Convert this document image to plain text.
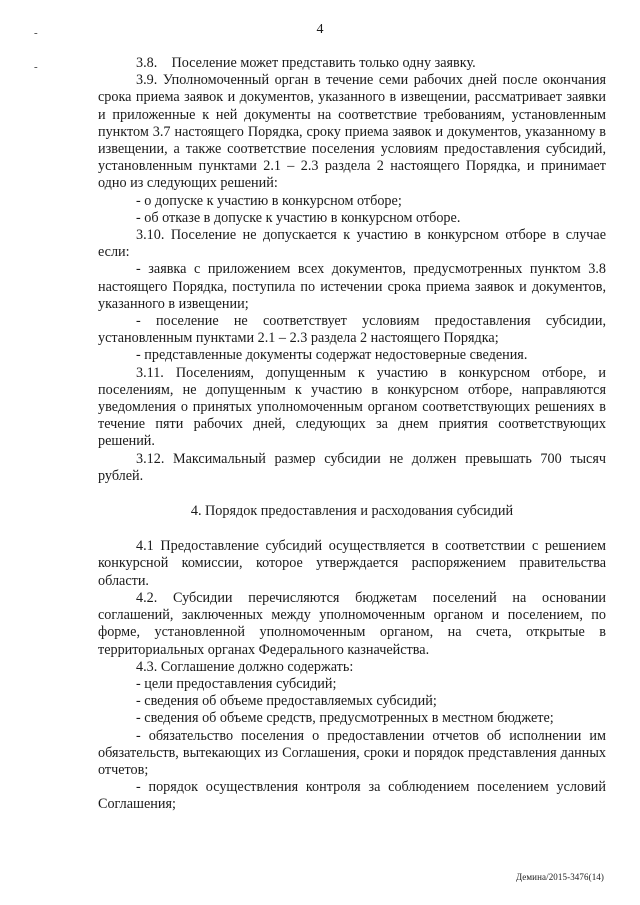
4
-
-	3.8.    Поселение может представить только одну заявку.

3.9. Уполномоченный орган в течение семи рабочих дней после окончания срока приема заявок и документов, указанного в извещении, рассматривает заявки и приложенные к ней документы на соответствие требованиям, установленным пунктом 3.7 настоящего Порядка, сроку приема заявок и документов, указанному в извещении, а также соответствие поселения условиям предоставления субсидий, установленным пунктами 2.1 – 2.3 раздела 2 настоящего Порядка, и принимает одно из следующих решений:

- о допуске к участию в конкурсном отборе;

- об отказе в допуске к участию в конкурсном отборе.

3.10. Поселение не допускается к участию в конкурсном отборе в случае если:

- заявка с приложением всех документов, предусмотренных пунктом 3.8 настоящего Порядка, поступила по истечении срока приема заявок и документов, указанного в извещении;

- поселение не соответствует условиям предоставления субсидии, установленным пунктами 2.1 – 2.3 раздела 2 настоящего Порядка;

- представленные документы содержат недостоверные сведения.

3.11. Поселениям, допущенным к участию в конкурсном отборе, и поселениям, не допущенным к участию в конкурсном отборе, направляются уведомления о принятых уполномоченным органом соответствующих решениях в течение пяти рабочих дней, следующих за днем приятия соответствующих решений.

3.12. Максимальный размер субсидии не должен превышать 700 тысяч рублей.

4. Порядок предоставления и расходования субсидий

4.1 Предоставление субсидий осуществляется в соответствии с решением конкурсной комиссии, которое утверждается распоряжением правительства области.

4.2. Субсидии перечисляются бюджетам поселений на основании соглашений, заключенных между уполномоченным органом и поселением, по форме, установленной уполномоченным органом, на счета, открытые в территориальных органах Федерального казначейства.

4.3. Соглашение должно содержать:

- цели предоставления субсидий;

- сведения об объеме предоставляемых субсидий;

- сведения об объеме средств, предусмотренных в местном бюджете;

- обязательство поселения о предоставлении отчетов об исполнении им обязательств, вытекающих из Соглашения, сроки и порядок представления данных отчетов;

- порядок осуществления контроля за соблюдением поселением условий Соглашения;

Демина/2015-3476(14)
